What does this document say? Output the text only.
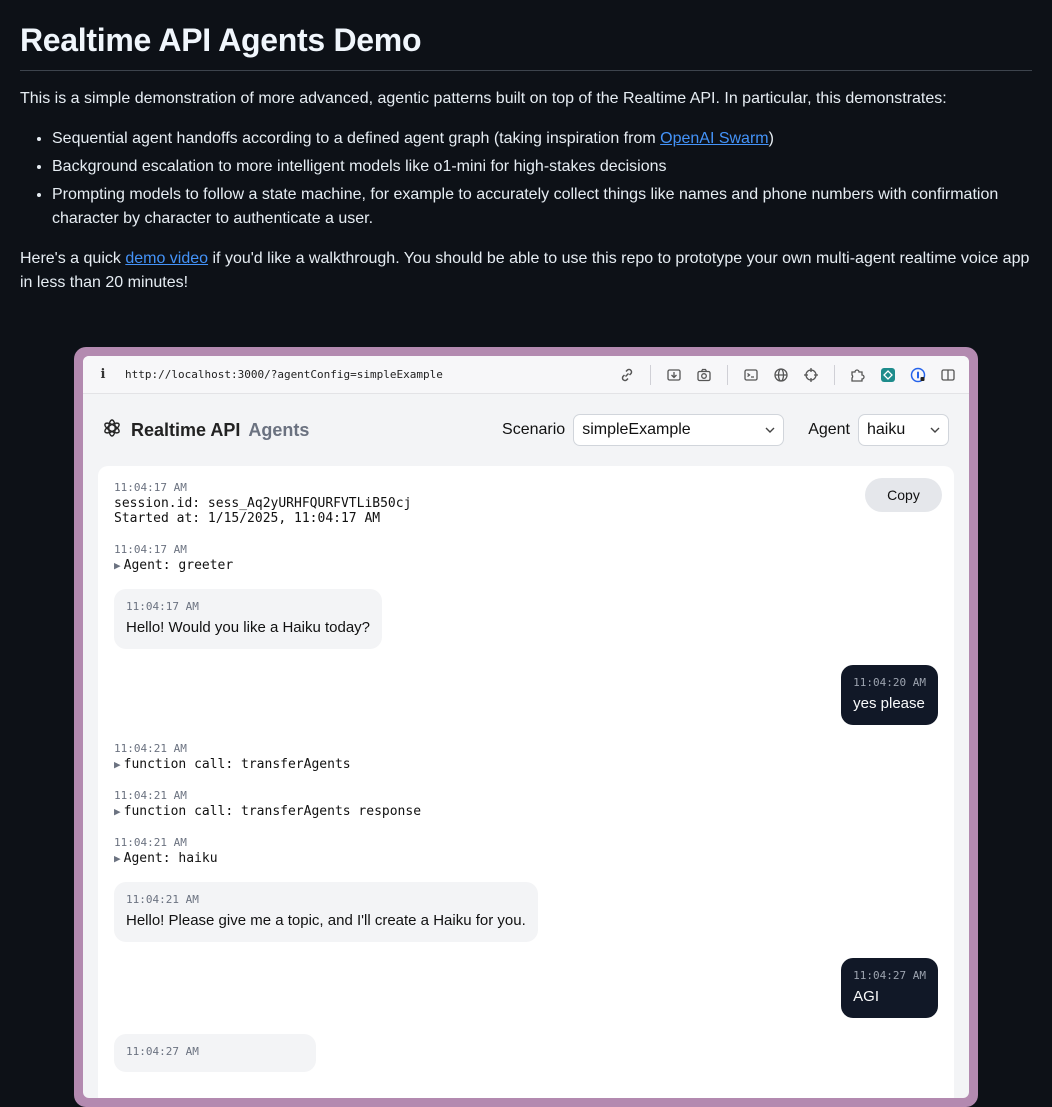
Realtime API Agents Demo

This is a simple demonstration of more advanced, agentic patterns built on top of the Realtime API. In particular, this demonstrates:

• Sequential agent handoffs according to a defined agent graph (taking inspiration from OpenAI Swarm)
• Background escalation to more intelligent models like o1-mini for high-stakes decisions
• Prompting models to follow a state machine, for example to accurately collect things like names and phone numbers with confirmation character by character to authenticate a user.

Here's a quick demo video if you'd like a walkthrough. You should be able to use this repo to prototype your own multi-agent realtime voice app in less than 20 minutes!

i	http://localhost:3000/?agentConfig=simpleExample
Realtime API Agents	Scenario simpleExample	Agent haiku
Copy
11:04:17 AM
session.id: sess_Aq2yURHFQURFVTLiB50cj
Started at: 1/15/2025, 11:04:17 AM
11:04:17 AM
▶ Agent: greeter
11:04:17 AM
Hello! Would you like a Haiku today?
11:04:20 AM
yes please
11:04:21 AM
▶ function call: transferAgents
11:04:21 AM
▶ function call: transferAgents response
11:04:21 AM
▶ Agent: haiku
11:04:21 AM
Hello! Please give me a topic, and I'll create a Haiku for you.
11:04:27 AM
AGI
11:04:27 AM
